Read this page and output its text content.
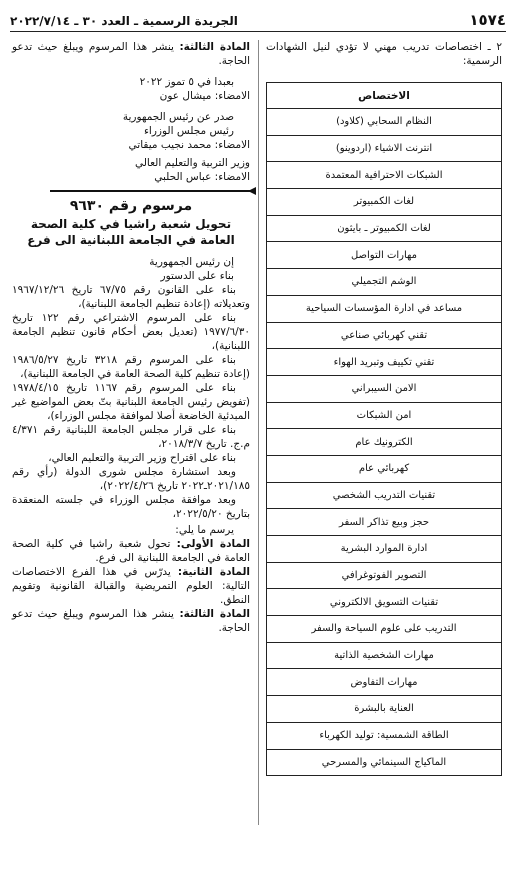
١٥٧٤
الجريدة الرسمية ـ العدد ٣٠ ـ ٢٠٢٢/٧/١٤

٢ ـ اختصاصات تدريب مهني لا تؤدي لنيل الشهادات الرسمية:

الاختصاص
النظام السحابي (كلاود)
انترنت الاشياء (اردوينو)
الشبكات الاحترافية المعتمدة
لغات الكمبيوتر
لغات الكمبيوتر ـ بايثون
مهارات التواصل
الوشم التجميلي
مساعد في ادارة المؤسسات السياحية
تقني كهربائي صناعي
تقني تكييف وتبريد الهواء
الامن السيبراني
امن الشبكات
الكترونيك عام
كهربائي عام
تقنيات التدريب الشخصي
حجز وبيع تذاكر السفر
ادارة الموارد البشرية
التصوير الفوتوغرافي
تقنيات التسويق الالكتروني
التدريب على علوم السياحة والسفر
مهارات الشخصية الذاتية
مهارات التفاوض
العناية بالبشرة
الطاقة الشمسية: توليد الكهرباء
الماكياج السينمائي والمسرحي

المادة الثالثة: ينشر هذا المرسوم ويبلغ حيث تدعو الحاجة.

بعبدا في ٥ تموز ٢٠٢٢

الامضاء: ميشال عون

صدر عن رئيس الجمهورية

رئيس مجلس الوزراء

الامضاء: محمد نجيب ميقاتي

وزير التربية والتعليم العالي

الامضاء: عباس الحلبي

مرسوم رقم ٩٦٣٠
تحويل شعبة راشيا في كلية الصحة العامة في الجامعة اللبنانية الى فرع

إن رئيس الجمهورية

بناء على الدستور

بناء على القانون رقم ٦٧/٧٥ تاريخ ١٩٦٧/١٢/٢٦ وتعديلاته (إعادة تنظيم الجامعة اللبنانية)،

بناء على المرسوم الاشتراعي رقم ١٢٢ تاريخ ١٩٧٧/٦/٣٠ (تعديل بعض أحكام قانون تنظيم الجامعة اللبنانية)،

بناء على المرسوم رقم ٣٢١٨ تاريخ ١٩٨٦/٥/٢٧ (إعادة تنظيم كلية الصحة العامة في الجامعة اللبنانية)،

بناء على المرسوم رقم ١١٦٧ تاريخ ١٩٧٨/٤/١٥ (تفويض رئيس الجامعة اللبنانية بتّ بعض المواضيع غير المبدئية الخاضعة أصلا لموافقة مجلس الوزراء)،

بناء على قرار مجلس الجامعة اللبنانية رقم ٤/٣٧١ م.ج. تاريخ ٢٠١٨/٣/٧،

بناء على اقتراح وزير التربية والتعليم العالي،

وبعد استشارة مجلس شورى الدولة (رأي رقم ٢٠٢١/١٨٥ـ٢٠٢٢ تاريخ ٢٠٢٢/٤/٢٦)،

وبعد موافقة مجلس الوزراء في جلسته المنعقدة بتاريخ ٢٠٢٢/٥/٢٠،

يرسم ما يلي:

المادة الأولى: تحول شعبة راشيا في كلية الصحة العامة في الجامعة اللبنانية الى فرع.

المادة الثانية: يدرّس في هذا الفرع الاختصاصات التالية: العلوم التمريضية والقبالة القانونية وتقويم النطق.

المادة الثالثة: ينشر هذا المرسوم ويبلغ حيث تدعو الحاجة.
